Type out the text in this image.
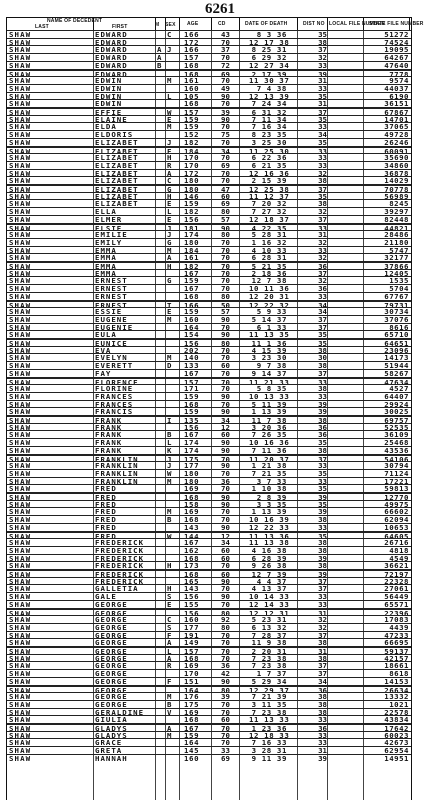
6261
NAME OF DECEDENT
LAST	FIRST	M SEX AGE	CD	DATE OF DEATH	DIST NO LOCAL FILE NUMBER
STATE FILE NUMBER
SHAW	EDWARD	C	166	43	8 3 36	35	51272
SHAW	EDWARD	172	70	12 17 38	38	74524
SHAW	EDWARD	A J	166	37	8 25 31	37	19095
SHAW	EDWARD	A	157	70	6 29 32	32	64267
SHAW	EDWARD	B	168	72	12 27 34	33	47640
SHAW	EDWARD	168	69	2 17 39	39	7778
SHAW	EDWIN	M	161	70	11 30 37	31	9574
SHAW	EDWIN	160	49	7 4 38	33	44037
SHAW	EDWIN	L	105	90	12 13 39	35	6190
SHAW	EDWIN	168	70	7 24 34	31	36151
SHAW	EFFIE	W	157	39	6 31 32	37	67867
SHAW	ELAINE	E	159	90	7 11 34	35	14701
SHAW	ELDA	M	159	70	7 16 34	33	37065
SHAW	ELDORIS	152	75	8 23 35	34	49728
SHAW	ELIZABET	J	182	70	3 25 30	35	26246
SHAW	ELIZABET	F	184	34	11 25 30	33	60091
SHAW	ELIZABET	H	170	70	6 22 36	33	35690
SHAW	ELIZABET	R	170	69	6 21 35	33	34860
SHAW	ELIZABET	A	172	70	12 16 36	32	36878
SHAW	ELIZABET	C	180	70	2 15 39	38	14029
SHAW	ELIZABET	G	180	47	12 25 38	37	70778
SHAW	ELIZABET	H	146	60	11 12 37	35	56989
SHAW	ELIZABET	E	159	69	7 20 32	38	8245
SHAW	ELLA	L	182	80	7 27 32	32	39297
SHAW	ELMER	E	156	57	12 18 37	37	82448
SHAW	ELSIE	J	181	90	4 22 35	33	44821
SHAW	EMILIE	J	174	80	5 28 31	31	28486
SHAW	EMILY	G	180	70	1 16 32	32	21180
SHAW	EMMA	M	184	70	4 10 33	33	5747
SHAW	EMMA	A	161	70	6 28 31	32	32177
SHAW	EMMA	H	182	70	5 21 35	36	37866
SHAW	EMMA	167	70	2 18 36	37	12405
SHAW	ERNEST	G	159	70	12 7 38	32	1535
SHAW	ERNEST	167	70	10 11 36	36	5704
SHAW	ERNEST	168	80	12 20 31	33	67767
SHAW	ERNEST	T	166	50	12 22 32	34	79731
SHAW	ESSIE	E	159	57	5 9 33	34	30734
SHAW	EUGENE	M	160	90	5 14 37	37	37076
SHAW	EUGENIE	164	70	6 1 33	37	8616
SHAW	EULA	154	90	11 13 35	35	65710
SHAW	EUNICE	156	80	11 1 36	35	64651
SHAW	EVA	202	70	4 15 39	38	23096
SHAW	EVELYN	M	140	70	3 23 30	30	14173
SHAW	EVERETT	D	133	60	9 7 38	38	51944
SHAW	FAY	167	70	9 14 37	37	58267
SHAW	FLORENCE	157	70	11 21 33	33	47634
SHAW	FLORINE	171	70	5 8 35	38	4527
SHAW	FRANCES	159	90	10 13 33	33	64407
SHAW	FRANCES	168	70	5 11 39	39	29924
SHAW	FRANCIS	159	90	1 13 39	39	30025
SHAW	FRANK	I	135	34	11 7 38	38	69757
SHAW	FRANK	156	12	3 20 36	36	52535
SHAW	FRANK	B	167	60	7 26 35	36	36109
SHAW	FRANK	L	174	90	10 16 36	35	25468
SHAW	FRANK	K	174	90	7 11 36	38	43536
SHAW	FRANKLIN	J	175	70	11 20 37	37	54106
SHAW	FRANKLIN	J	177	90	1 21 38	33	30794
SHAW	FRANKLIN	W	180	70	7 21 35	35	71124
SHAW	FRANKLIN	M	180	36	3 7 33	33	17221
SHAW	FRED	169	70	1 10 38	35	59813
SHAW	FRED	168	90	2 8 39	39	12770
SHAW	FRED	158	90	3 3 35	35	49975
SHAW	FRED	M	169	70	1 13 39	39	66602
SHAW	FRED	B	168	70	10 16 39	38	62094
SHAW	FRED	143	90	12 22 33	33	10653
SHAW	FRED	W	144	12	11 13 36	35	64605
SHAW	FREDERICK	167	34	11 13 38	38	26716
SHAW	FREDERICK	162	60	4 16 38	38	4818
SHAW	FREDERICK	168	60	6 28 39	39	4549
SHAW	FREDERICK	H	173	70	9 26 38	38	36621
SHAW	FREDERICK	168	60	12 7 39	39	72197
SHAW	FREDERICK	165	90	4 4 37	37	22328
SHAW	GALLETIA	H	143	70	4 13 37	37	27061
SHAW	GALE	S	156	90	10 14 33	33	56449
SHAW	GEORGE	E	155	70	12 14 33	33	65571
SHAW	GEORGE	156	80	12 12 31	31	22396
SHAW	GEORGE	C	160	92	5 23 31	32	17083
SHAW	GEORGE	S	177	80	6 13 32	32	4439
SHAW	GEORGE	F	191	70	7 28 37	37	47233
SHAW	GEORGE	A	149	70	11 9 38	38	66695
SHAW	GEORGE	L	157	70	2 20 31	31	59137
SHAW	GEORGE	A	168	70	7 23 38	38	42157
SHAW	GEORGE	R	169	36	7 23 38	37	18661
SHAW	GEORGE	170	42	1 7 37	37	8618
SHAW	GEORGE	F	151	90	5 29 34	34	14153
SHAW	GEORGE	164	80	12 29 37	36	26634
SHAW	GEORGE	M	176	39	7 21 39	38	13332
SHAW	GEORGE	B	175	70	3 11 35	38	1021
SHAW	GERALDINE	V	169	70	7 23 38	38	22578
SHAW	GIULIA	168	60	11 13 33	33	43834
SHAW	GLADYS	A	167	70	1 23 36	36	17642
SHAW	GLADYS	M	159	70	12 18 33	33	60023
SHAW	GRACE	164	70	7 16 33	33	42673
SHAW	GRETA	145	33	3 28 31	31	62954
SHAW	HANNAH	160	69	9 11 39	39	14951
